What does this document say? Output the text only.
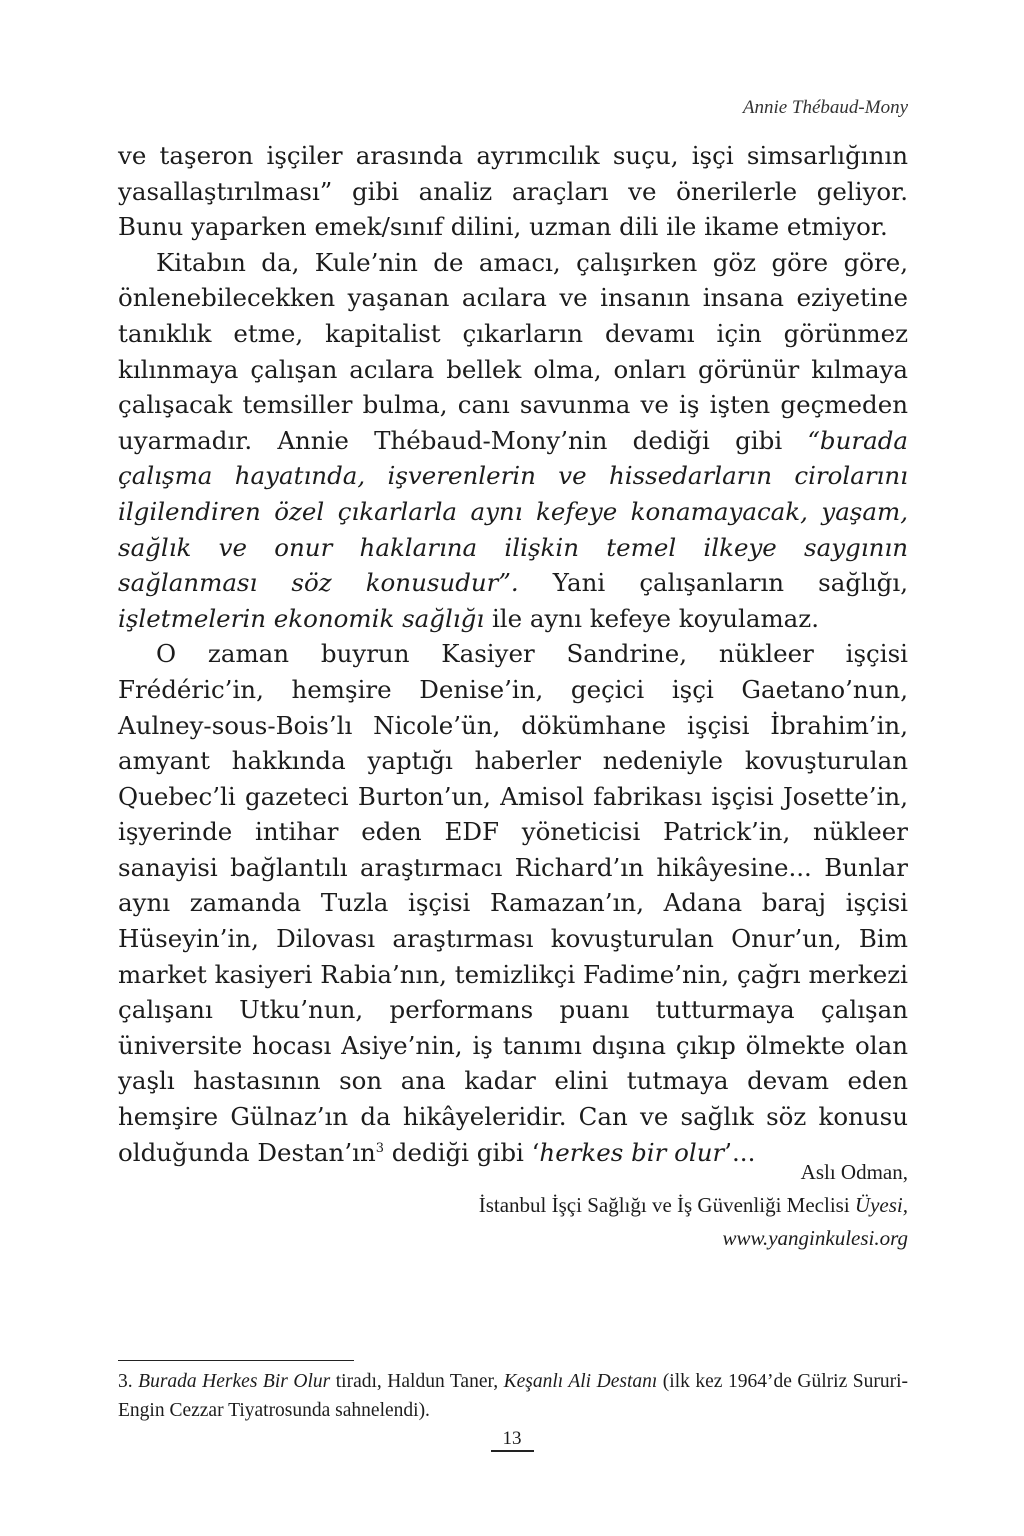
Annie Thébaud-Mony

ve taşeron işçiler arasında ayrımcılık suçu, işçi simsarlığının yasallaştırılması” gibi analiz araçları ve önerilerle geliyor. Bunu yaparken emek/sınıf dilini, uzman dili ile ikame etmiyor.

Kitabın da, Kule’nin de amacı, çalışırken göz göre göre, önlenebilecekken yaşanan acılara ve insanın insana eziyetine tanıklık etme, kapitalist çıkarların devamı için görünmez kılınmaya çalışan acılara bellek olma, onları görünür kılmaya çalışacak temsiller bulma, canı savunma ve iş işten geçmeden uyarmadır. Annie Thébaud-Mony’nin dediği gibi “burada çalışma hayatında, işverenlerin ve hissedarların cirolarını ilgilendiren özel çıkarlarla aynı kefeye konamayacak, yaşam, sağlık ve onur haklarına ilişkin temel ilkeye saygının sağlanması söz konusudur”. Yani çalışanların sağlığı, işletmelerin ekonomik sağlığı ile aynı kefeye koyulamaz.

O zaman buyrun Kasiyer Sandrine, nükleer işçisi Frédéric’in, hemşire Denise’in, geçici işçi Gaetano’nun, Aulney-sous-Bois’lı Nicole’ün, dökümhane işçisi İbrahim’in, amyant hakkında yaptığı haberler nedeniyle kovuşturulan Quebec’li gazeteci Burton’un, Amisol fabrikası işçisi Josette’in, işyerinde intihar eden EDF yöneticisi Patrick’in, nükleer sanayisi bağlantılı araştırmacı Richard’ın hikâyesine... Bunlar aynı zamanda Tuzla işçisi Ramazan’ın, Adana baraj işçisi Hüseyin’in, Dilovası araştırması kovuşturulan Onur’un, Bim market kasiyeri Rabia’nın, temizlikçi Fadime’nin, çağrı merkezi çalışanı Utku’nun, performans puanı tutturmaya çalışan üniversite hocası Asiye’nin, iş tanımı dışına çıkıp ölmekte olan yaşlı hastasının son ana kadar elini tutmaya devam eden hemşire Gülnaz’ın da hikâyeleridir. Can ve sağlık söz konusu olduğunda $Destan’ın^3$ dediği gibi ‘herkes bir olur’...

Aslı Odman,
İstanbul İşçi Sağlığı ve İş Güvenliği Meclisi Üyesi,
www.yanginkulesi.org
3. Burada Herkes Bir Olur tiradı, Haldun Taner, Keşanlı Ali Destanı (ilk kez 1964’de Gülriz Sururi-Engin Cezzar Tiyatrosunda sahnelendi).
13
